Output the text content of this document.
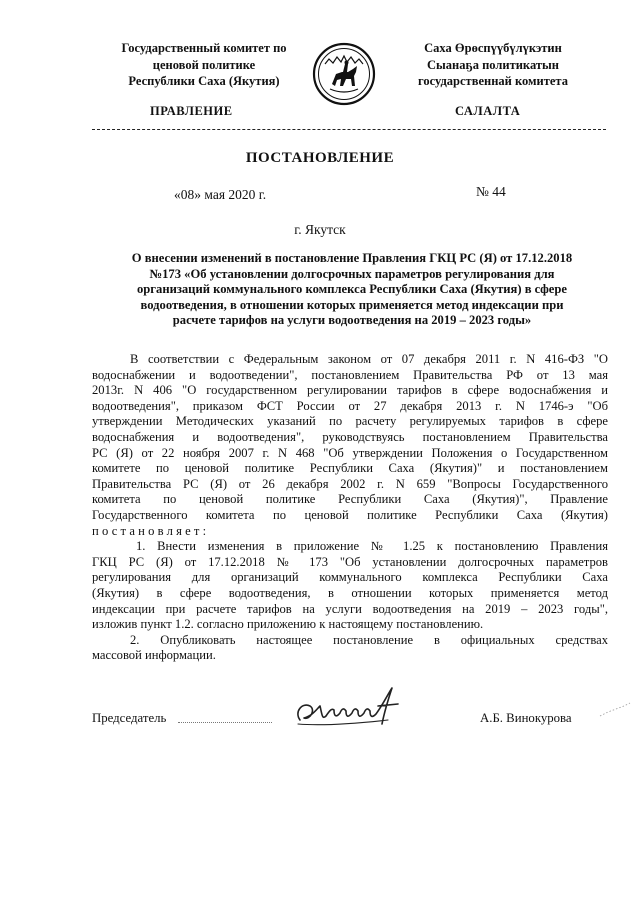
Государственный комитет по
ценовой политике
Республики Саха (Якутия)
Саха Өрөспүүбүлүкэтин
Сыанаҕа политикатын
государственнай комитета
ПРАВЛЕНИЕ	САЛАЛТА
ПОСТАНОВЛЕНИЕ
«08» мая 2020 г.	№ 44
г. Якутск
О внесении изменений в постановление Правления ГКЦ РС (Я) от 17.12.2018
№173 «Об установлении долгосрочных параметров регулирования для
организаций коммунального комплекса Республики Саха (Якутия) в сфере
водоотведения, в отношении которых применяется метод индексации при
расчете тарифов на услуги водоотведения на 2019 – 2023 годы»
В соответствии с Федеральным законом от 07 декабря 2011 г. N 416-ФЗ "О
водоснабжении и водоотведении", постановлением Правительства РФ от 13 мая
2013г. N 406 "О государственном регулировании тарифов в сфере водоснабжения и
водоотведения", приказом ФСТ России от 27 декабря 2013 г. N 1746-э "Об
утверждении Методических указаний по расчету регулируемых тарифов в сфере
водоснабжения и водоотведения", руководствуясь постановлением Правительства
РС (Я) от 22 ноября 2007 г. N 468 "Об утверждении Положения о Государственном
комитете по ценовой политике Республики Саха (Якутия)" и постановлением
Правительства РС (Я) от 26 декабря 2002 г. N 659 "Вопросы Государственного
комитета по ценовой политике Республики Саха (Якутия)", Правление
Государственного комитета по ценовой политике Республики Саха (Якутия)
постановляет:
1. Внести изменения в приложение № 1.25 к постановлению Правления
ГКЦ РС (Я) от 17.12.2018 № 173 "Об установлении долгосрочных параметров
регулирования для организаций коммунального комплекса Республики Саха
(Якутия) в сфере водоотведения, в отношении которых применяется метод
индексации при расчете тарифов на услуги водоотведения на 2019 – 2023 годы",
изложив пункт 1.2. согласно приложению к настоящему постановлению.
2. Опубликовать настоящее постановление в официальных средствах
массовой информации.
Председатель	А.Б. Винокурова
